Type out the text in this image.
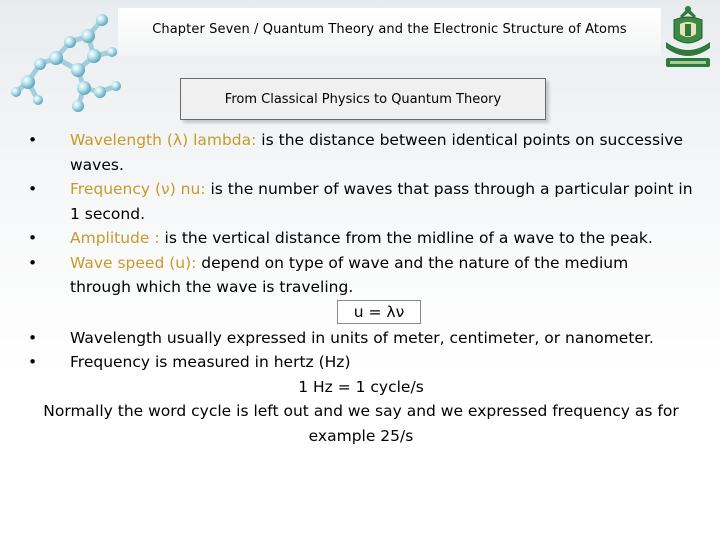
Chapter Seven / Quantum Theory and the Electronic Structure of Atoms
From Classical Physics to Quantum Theory
•	Wavelength (λ) lambda: is the distance between identical points on successive waves.
•	Frequency (ν) nu: is the number of waves that pass through a particular point in 1 second.
•	Amplitude : is the vertical distance from the midline of a wave to the peak.
•	Wave speed (u): depend on type of wave and the nature of the medium through which the wave is traveling.
u = λν
•	Wavelength usually expressed in units of meter, centimeter, or nanometer.
•	Frequency is measured in hertz (Hz)
1 Hz = 1 cycle/s
Normally the word cycle is left out and we say and we expressed frequency as for example 25/s
